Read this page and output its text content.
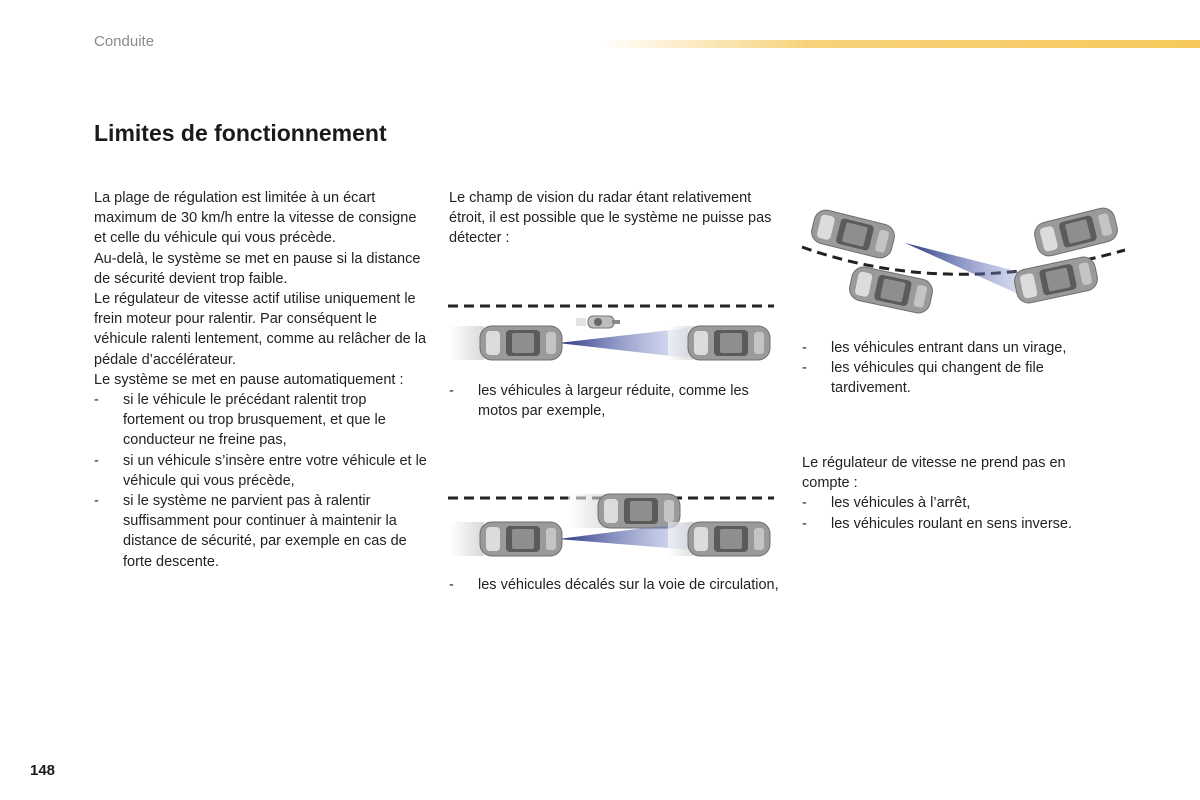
Conduite
Limites de fonctionnement

La plage de régulation est limitée à un écart maximum de 30 km/h entre la vitesse de consigne et celle du véhicule qui vous précède.

Au-delà, le système se met en pause si la distance de sécurité devient trop faible.

Le régulateur de vitesse actif utilise uniquement le frein moteur pour ralentir. Par conséquent le véhicule ralenti lentement, comme au relâcher de la pédale d’accélérateur.

Le système se met en pause automatiquement :

- si le véhicule le précédant ralentit trop fortement ou trop brusquement, et que le conducteur ne freine pas,
- si un véhicule s’insère entre votre véhicule et le véhicule qui vous précède,
- si le système ne parvient pas à ralentir suffisamment pour continuer à maintenir la distance de sécurité, par exemple en cas de forte descente.

Le champ de vision du radar étant relativement étroit, il est possible que le système ne puisse pas détecter :

- les véhicules à largeur réduite, comme les motos par exemple,
- les véhicules décalés sur la voie de circulation,
- les véhicules entrant dans un virage,
- les véhicules qui changent de file tardivement.

Le régulateur de vitesse ne prend pas en compte :

- les véhicules à l’arrêt,
- les véhicules roulant en sens inverse.
148
